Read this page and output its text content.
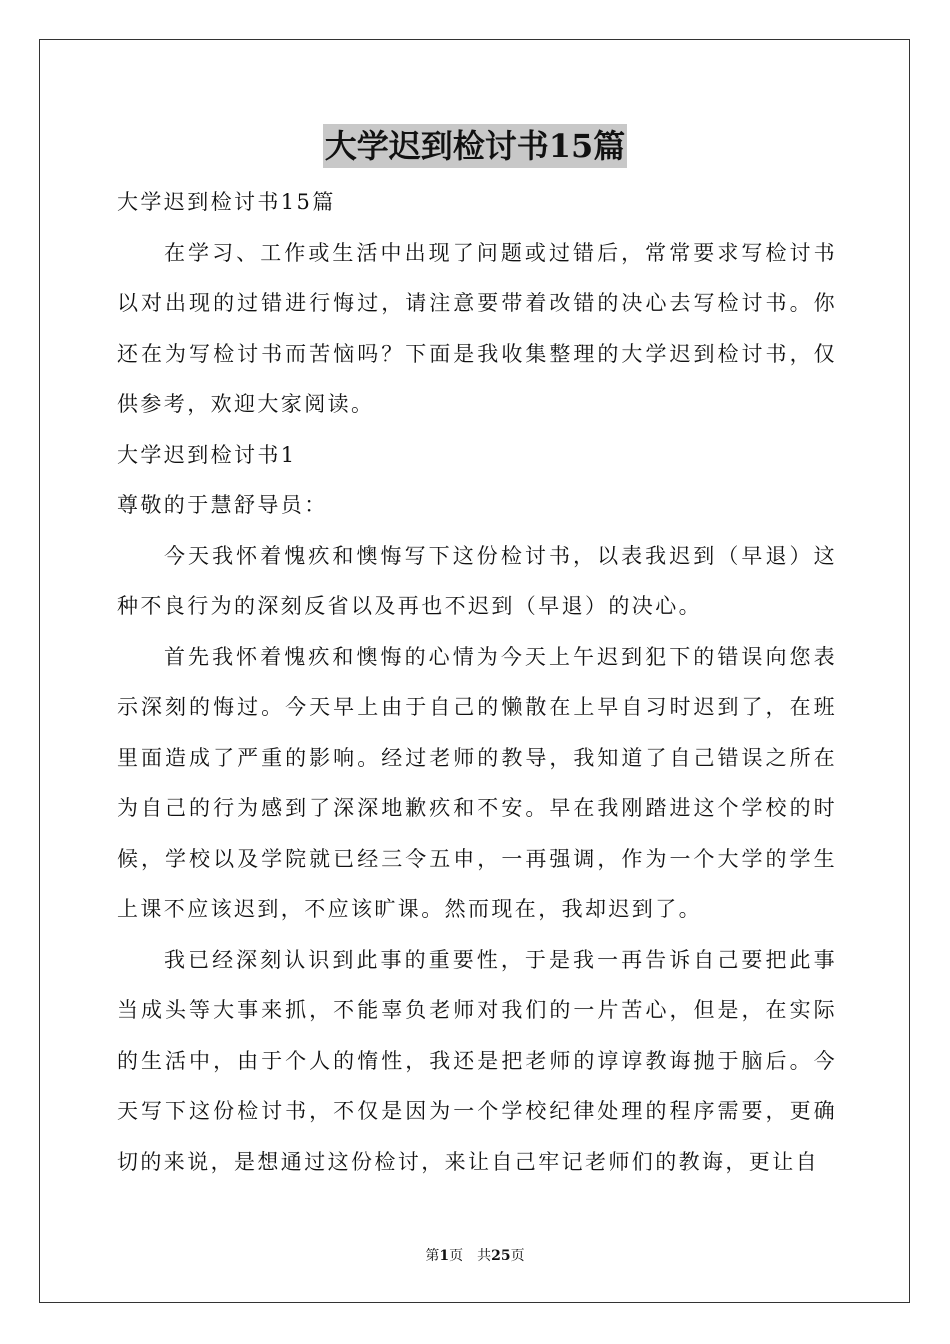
大学迟到检讨书15篇

大学迟到检讨书15篇

在学习、工作或生活中出现了问题或过错后，常常要求写检讨书以对出现的过错进行悔过，请注意要带着改错的决心去写检讨书。你还在为写检讨书而苦恼吗？下面是我收集整理的大学迟到检讨书，仅供参考，欢迎大家阅读。

大学迟到检讨书1

尊敬的于慧舒导员：

今天我怀着愧疚和懊悔写下这份检讨书，以表我迟到（早退）这种不良行为的深刻反省以及再也不迟到（早退）的决心。

首先我怀着愧疚和懊悔的心情为今天上午迟到犯下的错误向您表示深刻的悔过。今天早上由于自己的懒散在上早自习时迟到了，在班里面造成了严重的影响。经过老师的教导，我知道了自己错误之所在为自己的行为感到了深深地歉疚和不安。早在我刚踏进这个学校的时候，学校以及学院就已经三令五申，一再强调，作为一个大学的学生上课不应该迟到，不应该旷课。然而现在，我却迟到了。

我已经深刻认识到此事的重要性，于是我一再告诉自己要把此事当成头等大事来抓，不能辜负老师对我们的一片苦心，但是，在实际的生活中，由于个人的惰性，我还是把老师的谆谆教诲抛于脑后。今天写下这份检讨书，不仅是因为一个学校纪律处理的程序需要，更确切的来说，是想通过这份检讨，来让自己牢记老师们的教诲，更让自

第1页 共25页
